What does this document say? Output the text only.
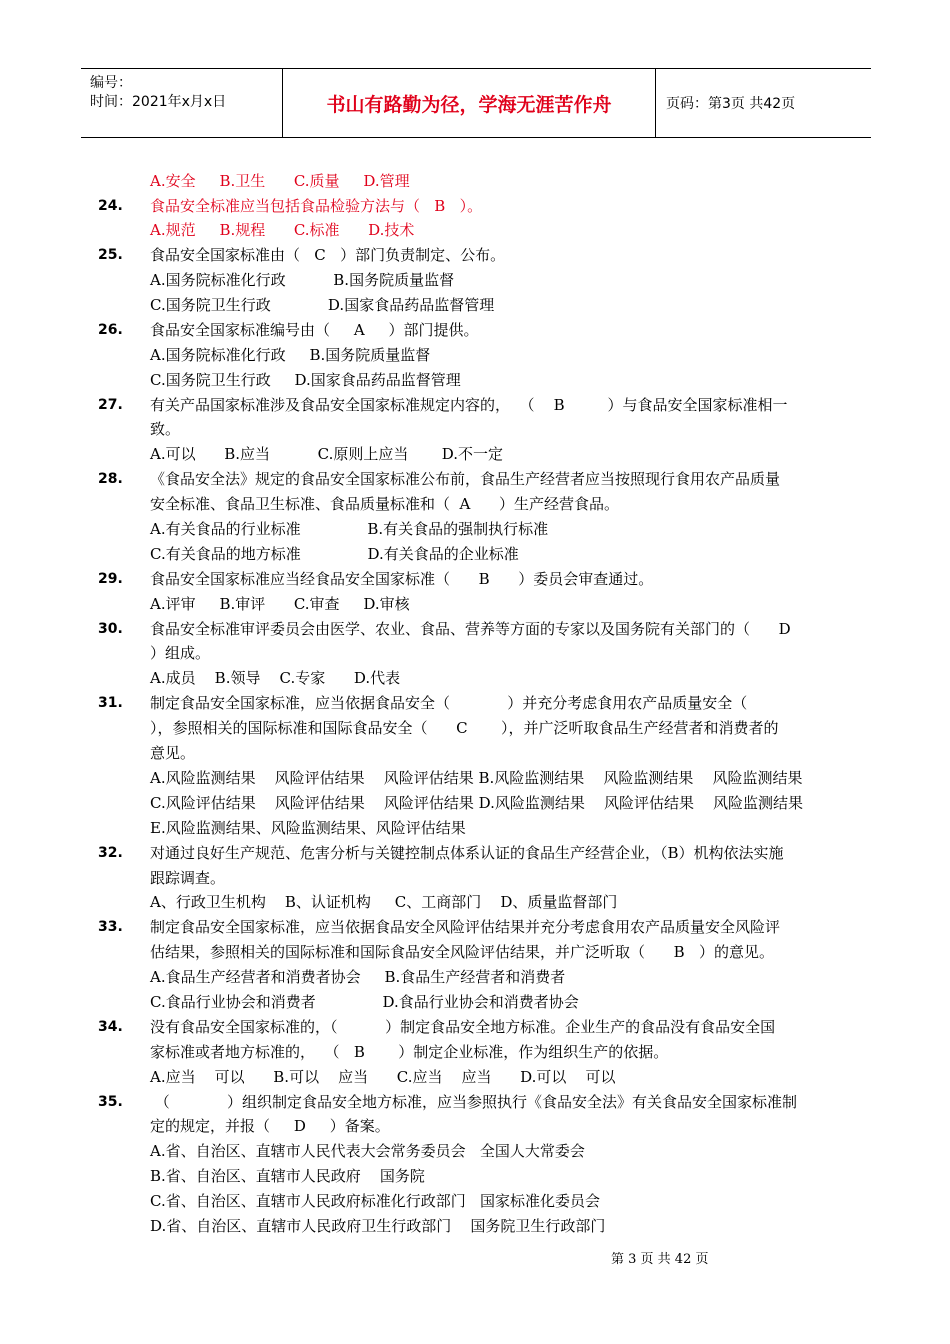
编号：
时间：2021年x月x日	书山有路勤为径，学海无涯苦作舟	页码：第3页 共42页
A.安全     B.卫生      C.质量     D.管理
24. 食品安全标准应当包括食品检验方法与（   B   ）。
A.规范     B.规程      C.标准      D.技术
25. 食品安全国家标准由（   C   ）部门负责制定、公布。
A.国务院标准化行政          B.国务院质量监督
C.国务院卫生行政            D.国家食品药品监督管理
26. 食品安全国家标准编号由（     A     ）部门提供。
A.国务院标准化行政     B.国务院质量监督
C.国务院卫生行政     D.国家食品药品监督管理
27. 有关产品国家标准涉及食品安全国家标准规定内容的，  （    B         ）与食品安全国家标准相一
致。
A.可以      B.应当          C.原则上应当       D.不一定
28. 《食品安全法》规定的食品安全国家标准公布前，食品生产经营者应当按照现行食用农产品质量
安全标准、食品卫生标准、食品质量标准和（  A      ）生产经营食品。
A.有关食品的行业标准              B.有关食品的强制执行标准
C.有关食品的地方标准              D.有关食品的企业标准
29. 食品安全国家标准应当经食品安全国家标准（      B      ）委员会审查通过。
A.评审     B.审评      C.审查     D.审核
30. 食品安全标准审评委员会由医学、农业、食品、营养等方面的专家以及国务院有关部门的（      D
）组成。
A.成员    B.领导    C.专家      D.代表
31. 制定食品安全国家标准，应当依据食品安全（            ）并充分考虑食用农产品质量安全（
），参照相关的国际标准和国际食品安全（      C       ），并广泛听取食品生产经营者和消费者的
意见。
A.风险监测结果    风险评估结果    风险评估结果 B.风险监测结果    风险监测结果    风险监测结果
C.风险评估结果    风险评估结果    风险评估结果 D.风险监测结果    风险评估结果    风险监测结果
E.风险监测结果、风险监测结果、风险评估结果
32. 对通过良好生产规范、危害分析与关键控制点体系认证的食品生产经营企业，（B）机构依法实施
跟踪调查。
A、行政卫生机构    B、认证机构     C、工商部门    D、质量监督部门
33. 制定食品安全国家标准，应当依据食品安全风险评估结果并充分考虑食用农产品质量安全风险评
估结果，参照相关的国际标准和国际食品安全风险评估结果，并广泛听取（      B   ）的意见。
A.食品生产经营者和消费者协会     B.食品生产经营者和消费者
C.食品行业协会和消费者              D.食品行业协会和消费者协会
34. 没有食品安全国家标准的，（          ）制定食品安全地方标准。企业生产的食品没有食品安全国
家标准或者地方标准的，  （   B       ）制定企业标准，作为组织生产的依据。
A.应当    可以      B.可以    应当      C.应当    应当      D.可以    可以
35. （            ）组织制定食品安全地方标准，应当参照执行《食品安全法》有关食品安全国家标准制
定的规定，并报（     D     ）备案。
A.省、自治区、直辖市人民代表大会常务委员会   全国人大常委会
B.省、自治区、直辖市人民政府    国务院
C.省、自治区、直辖市人民政府标准化行政部门   国家标准化委员会
D.省、自治区、直辖市人民政府卫生行政部门    国务院卫生行政部门
第 3 页 共 42 页
